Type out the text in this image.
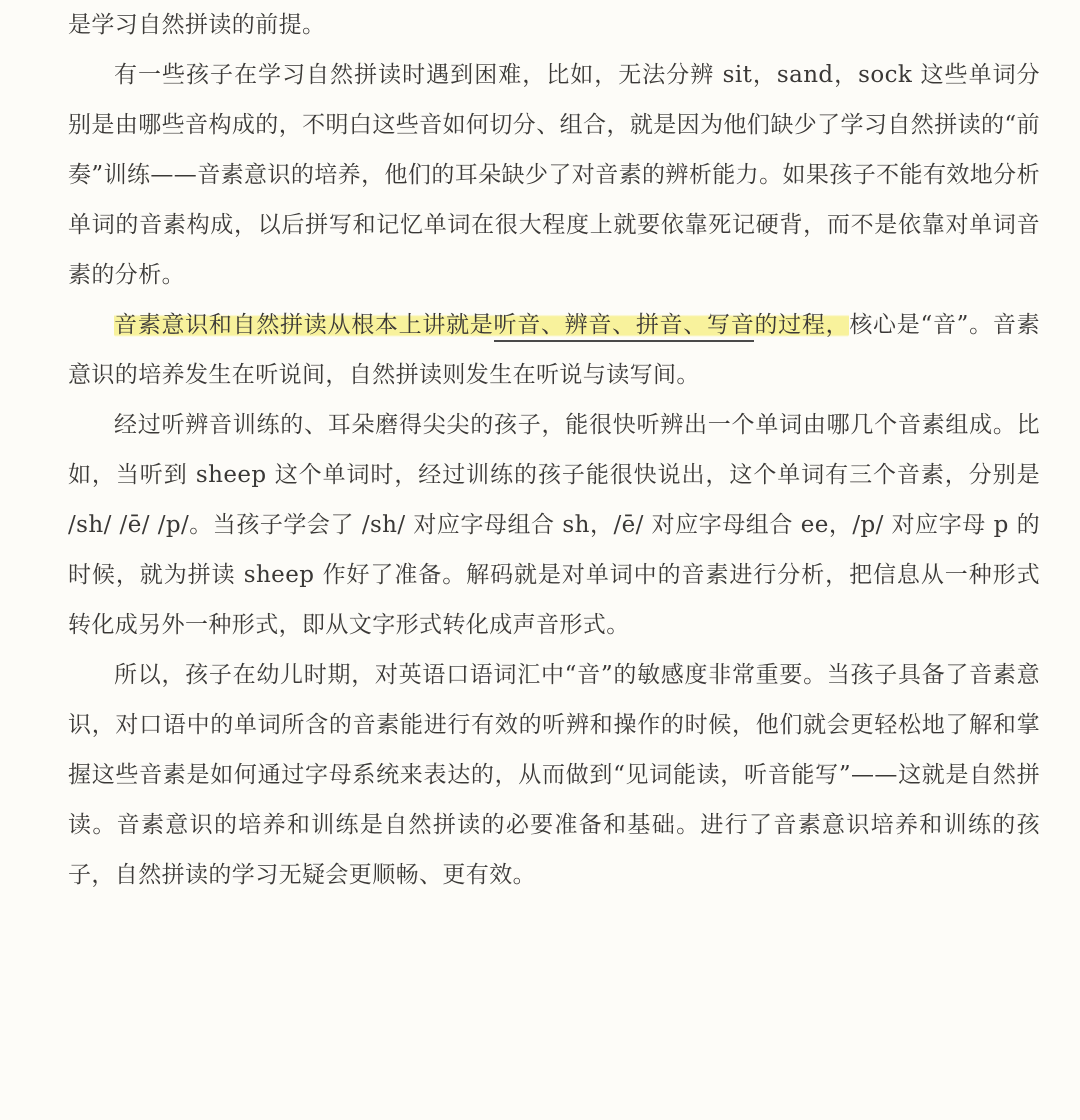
是学习自然拼读的前提。

有一些孩子在学习自然拼读时遇到困难，比如，无法分辨 sit，sand，sock 这些单词分别是由哪些音构成的，不明白这些音如何切分、组合，就是因为他们缺少了学习自然拼读的“前奏”训练——音素意识的培养，他们的耳朵缺少了对音素的辨析能力。如果孩子不能有效地分析单词的音素构成，以后拼写和记忆单词在很大程度上就要依靠死记硬背，而不是依靠对单词音素的分析。

音素意识和自然拼读从根本上讲就是听音、辨音、拼音、写音的过程，核心是“音”。音素意识的培养发生在听说间，自然拼读则发生在听说与读写间。

经过听辨音训练的、耳朵磨得尖尖的孩子，能很快听辨出一个单词由哪几个音素组成。比如，当听到 sheep 这个单词时，经过训练的孩子能很快说出，这个单词有三个音素，分别是 /sh/ /ē/ /p/。当孩子学会了 /sh/ 对应字母组合 sh，/ē/ 对应字母组合 ee，/p/ 对应字母 p 的时候，就为拼读 sheep 作好了准备。解码就是对单词中的音素进行分析，把信息从一种形式转化成另外一种形式，即从文字形式转化成声音形式。

所以，孩子在幼儿时期，对英语口语词汇中“音”的敏感度非常重要。当孩子具备了音素意识，对口语中的单词所含的音素能进行有效的听辨和操作的时候，他们就会更轻松地了解和掌握这些音素是如何通过字母系统来表达的，从而做到“见词能读，听音能写”——这就是自然拼读。音素意识的培养和训练是自然拼读的必要准备和基础。进行了音素意识培养和训练的孩子，自然拼读的学习无疑会更顺畅、更有效。
